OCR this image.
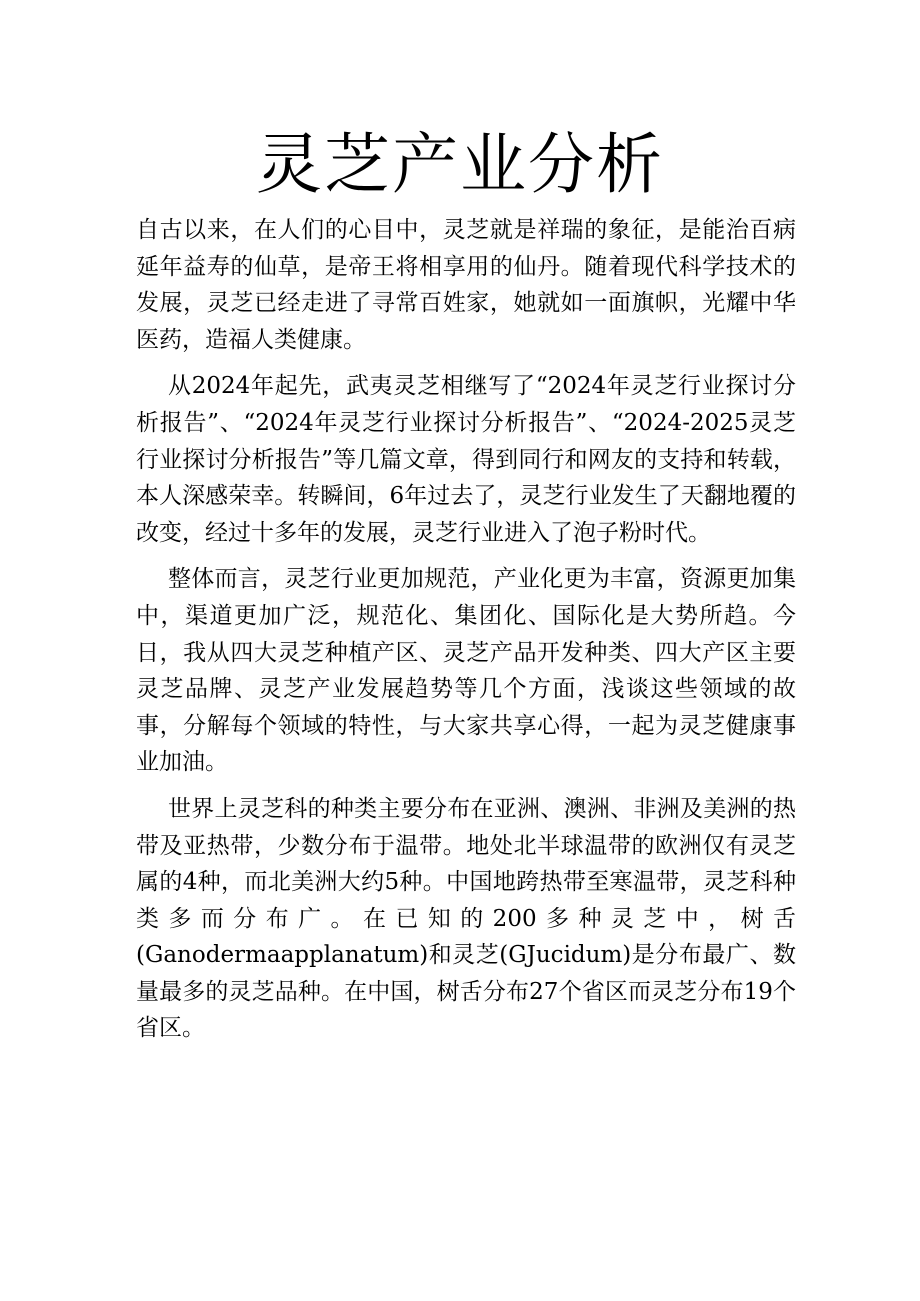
灵芝产业分析

自古以来，在人们的心目中，灵芝就是祥瑞的象征，是能治百病延年益寿的仙草，是帝王将相享用的仙丹。随着现代科学技术的发展，灵芝已经走进了寻常百姓家，她就如一面旗帜，光耀中华医药，造福人类健康。

从2024年起先，武夷灵芝相继写了“2024年灵芝行业探讨分析报告”、“2024年灵芝行业探讨分析报告”、“2024-2025灵芝行业探讨分析报告”等几篇文章，得到同行和网友的支持和转载，本人深感荣幸。转瞬间，6年过去了，灵芝行业发生了天翻地覆的改变，经过十多年的发展，灵芝行业进入了泡子粉时代。

整体而言，灵芝行业更加规范，产业化更为丰富，资源更加集中，渠道更加广泛，规范化、集团化、国际化是大势所趋。今日，我从四大灵芝种植产区、灵芝产品开发种类、四大产区主要灵芝品牌、灵芝产业发展趋势等几个方面，浅谈这些领域的故事，分解每个领域的特性，与大家共享心得，一起为灵芝健康事业加油。

世界上灵芝科的种类主要分布在亚洲、澳洲、非洲及美洲的热带及亚热带，少数分布于温带。地处北半球温带的欧洲仅有灵芝属的4种，而北美洲大约5种。中国地跨热带至寒温带，灵芝科种类多而分布广。在已知的200多种灵芝中，树舌(Ganodermaapplanatum)和灵芝(GJucidum)是分布最广、数量最多的灵芝品种。在中国，树舌分布27个省区而灵芝分布19个省区。
